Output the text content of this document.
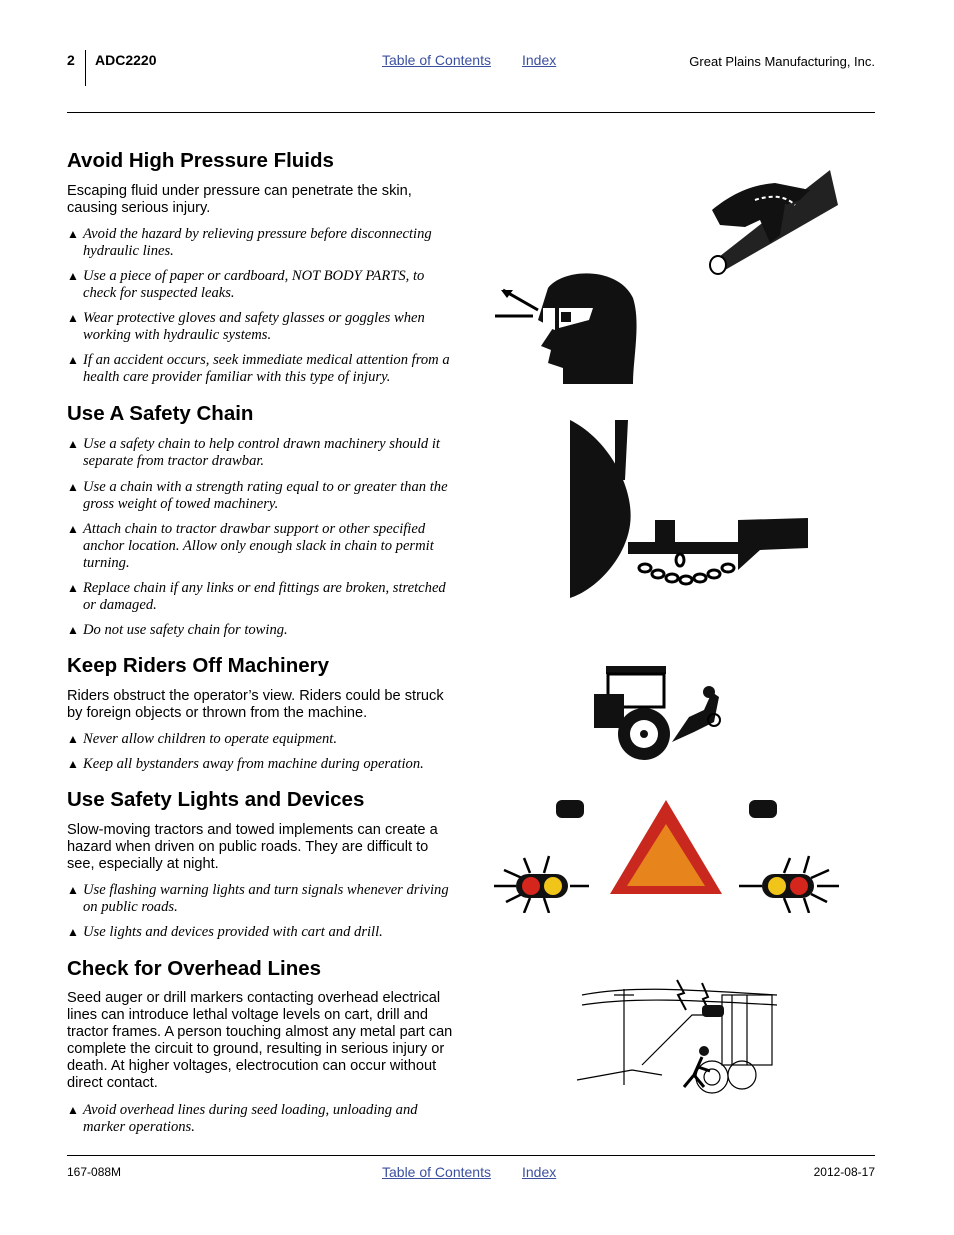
2 ADC2220	Table of Contents Index	Great Plains Manufacturing, Inc.
Avoid High Pressure Fluids

Escaping fluid under pressure can penetrate the skin, causing serious injury.

▲ Avoid the hazard by relieving pressure before disconnecting hydraulic lines.
▲ Use a piece of paper or cardboard, NOT BODY PARTS, to check for suspected leaks.
▲ Wear protective gloves and safety glasses or goggles when working with hydraulic systems.
▲ If an accident occurs, seek immediate medical attention from a health care provider familiar with this type of injury.
Use A Safety Chain
▲ Use a safety chain to help control drawn machinery should it separate from tractor drawbar.
▲ Use a chain with a strength rating equal to or greater than the gross weight of towed machinery.
▲ Attach chain to tractor drawbar support or other specified anchor location. Allow only enough slack in chain to permit turning.
▲ Replace chain if any links or end fittings are broken, stretched or damaged.
▲ Do not use safety chain for towing.
Keep Riders Off Machinery

Riders obstruct the operator’s view. Riders could be struck by foreign objects or thrown from the machine.

▲ Never allow children to operate equipment.
▲ Keep all bystanders away from machine during operation.
Use Safety Lights and Devices

Slow-moving tractors and towed implements can create a hazard when driven on public roads. They are difficult to see, especially at night.

▲ Use flashing warning lights and turn signals whenever driving on public roads.
▲ Use lights and devices provided with cart and drill.
Check for Overhead Lines

Seed auger or drill markers contacting overhead electrical lines can introduce lethal voltage levels on cart, drill and tractor frames. A person touching almost any metal part can complete the circuit to ground, resulting in serious injury or death. At higher voltages, electrocution can occur without direct contact.

▲ Avoid overhead lines during seed loading, unloading and marker operations.
167-088M	Table of Contents Index	2012-08-17
